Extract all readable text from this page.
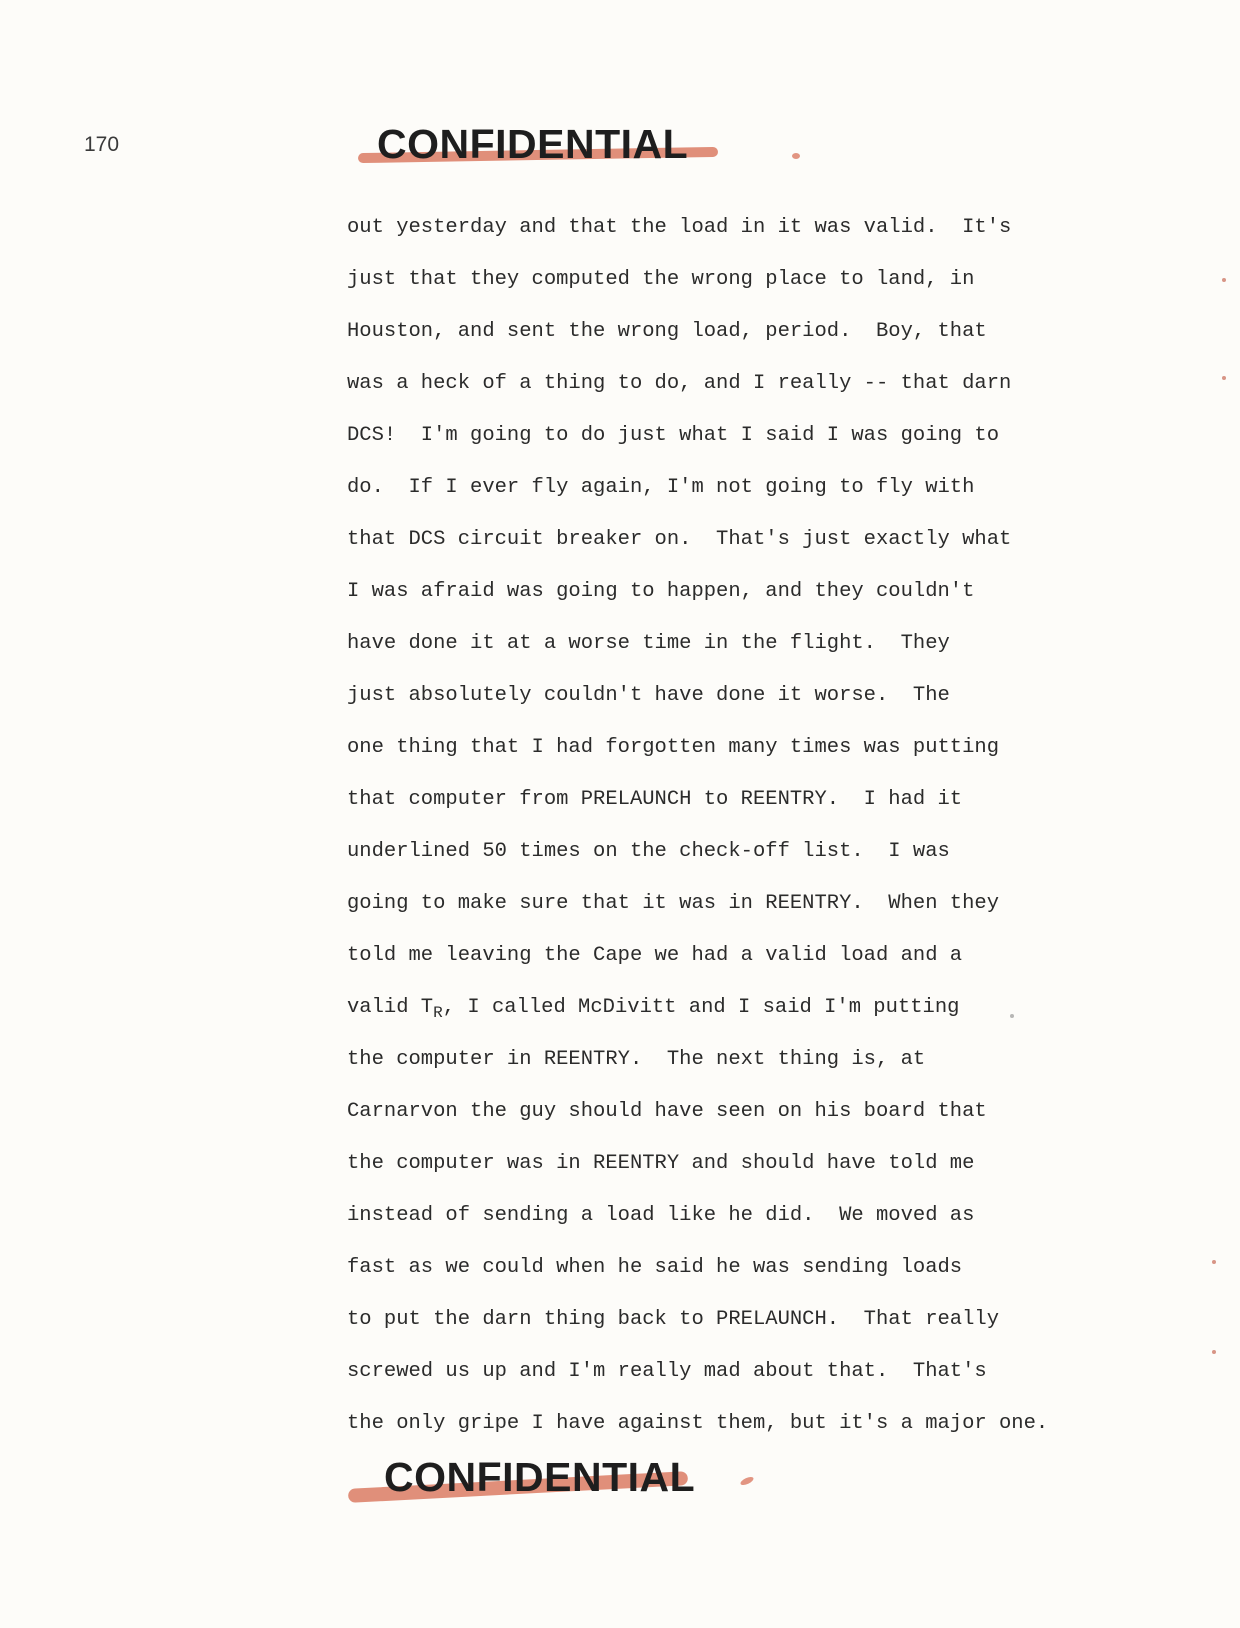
170	CONFIDENTIAL
out yesterday and that the load in it was valid.  It's
just that they computed the wrong place to land, in
Houston, and sent the wrong load, period.  Boy, that
was a heck of a thing to do, and I really -- that darn
DCS!  I'm going to do just what I said I was going to
do.  If I ever fly again, I'm not going to fly with
that DCS circuit breaker on.  That's just exactly what
I was afraid was going to happen, and they couldn't
have done it at a worse time in the flight.  They
just absolutely couldn't have done it worse.  The
one thing that I had forgotten many times was putting
that computer from PRELAUNCH to REENTRY.  I had it
underlined 50 times on the check-off list.  I was
going to make sure that it was in REENTRY.  When they
told me leaving the Cape we had a valid load and a
valid $T_R$, I called McDivitt and I said I'm putting
the computer in REENTRY.  The next thing is, at
Carnarvon the guy should have seen on his board that
the computer was in REENTRY and should have told me
instead of sending a load like he did.  We moved as
fast as we could when he said he was sending loads
to put the darn thing back to PRELAUNCH.  That really
screwed us up and I'm really mad about that.  That's
the only gripe I have against them, but it's a major one.
CONFIDENTIAL
